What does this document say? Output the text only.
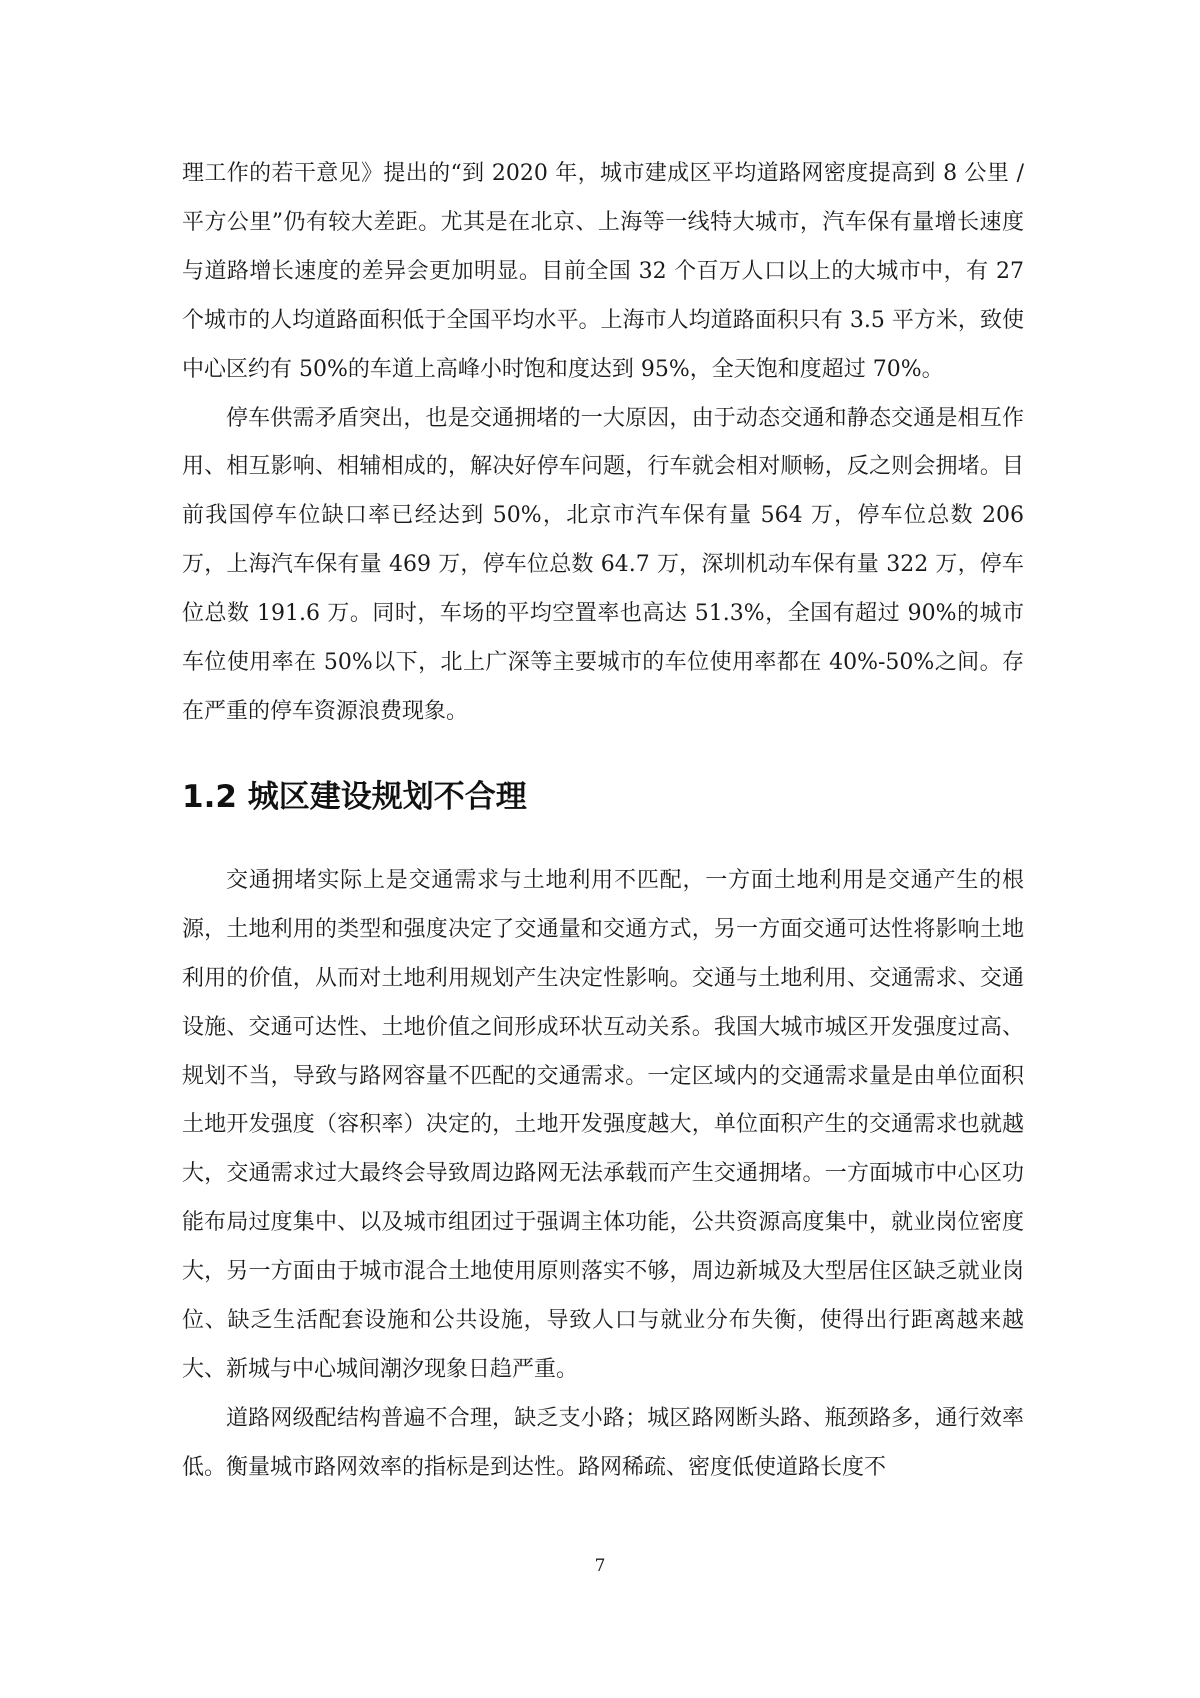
理工作的若干意见》提出的“到 2020 年，城市建成区平均道路网密度提高到 8 公里 / 平方公里”仍有较大差距。尤其是在北京、上海等一线特大城市，汽车保有量增长速度与道路增长速度的差异会更加明显。目前全国 32 个百万人口以上的大城市中，有 27 个城市的人均道路面积低于全国平均水平。上海市人均道路面积只有 3.5 平方米，致使中心区约有 50%的车道上高峰小时饱和度达到 95%，全天饱和度超过 70%。

停车供需矛盾突出，也是交通拥堵的一大原因，由于动态交通和静态交通是相互作用、相互影响、相辅相成的，解决好停车问题，行车就会相对顺畅，反之则会拥堵。目前我国停车位缺口率已经达到 50%，北京市汽车保有量 564 万，停车位总数 206 万，上海汽车保有量 469 万，停车位总数 64.7 万，深圳机动车保有量 322 万，停车位总数 191.6 万。同时，车场的平均空置率也高达 51.3%，全国有超过 90%的城市车位使用率在 50%以下，北上广深等主要城市的车位使用率都在 40%-50%之间。存在严重的停车资源浪费现象。

1.2 城区建设规划不合理

交通拥堵实际上是交通需求与土地利用不匹配，一方面土地利用是交通产生的根源，土地利用的类型和强度决定了交通量和交通方式，另一方面交通可达性将影响土地利用的价值，从而对土地利用规划产生决定性影响。交通与土地利用、交通需求、交通设施、交通可达性、土地价值之间形成环状互动关系。我国大城市城区开发强度过高、规划不当，导致与路网容量不匹配的交通需求。一定区域内的交通需求量是由单位面积土地开发强度（容积率）决定的，土地开发强度越大，单位面积产生的交通需求也就越大，交通需求过大最终会导致周边路网无法承载而产生交通拥堵。一方面城市中心区功能布局过度集中、以及城市组团过于强调主体功能，公共资源高度集中，就业岗位密度大，另一方面由于城市混合土地使用原则落实不够，周边新城及大型居住区缺乏就业岗位、缺乏生活配套设施和公共设施，导致人口与就业分布失衡，使得出行距离越来越大、新城与中心城间潮汐现象日趋严重。

道路网级配结构普遍不合理，缺乏支小路；城区路网断头路、瓶颈路多，通行效率低。衡量城市路网效率的指标是到达性。路网稀疏、密度低使道路长度不

7
